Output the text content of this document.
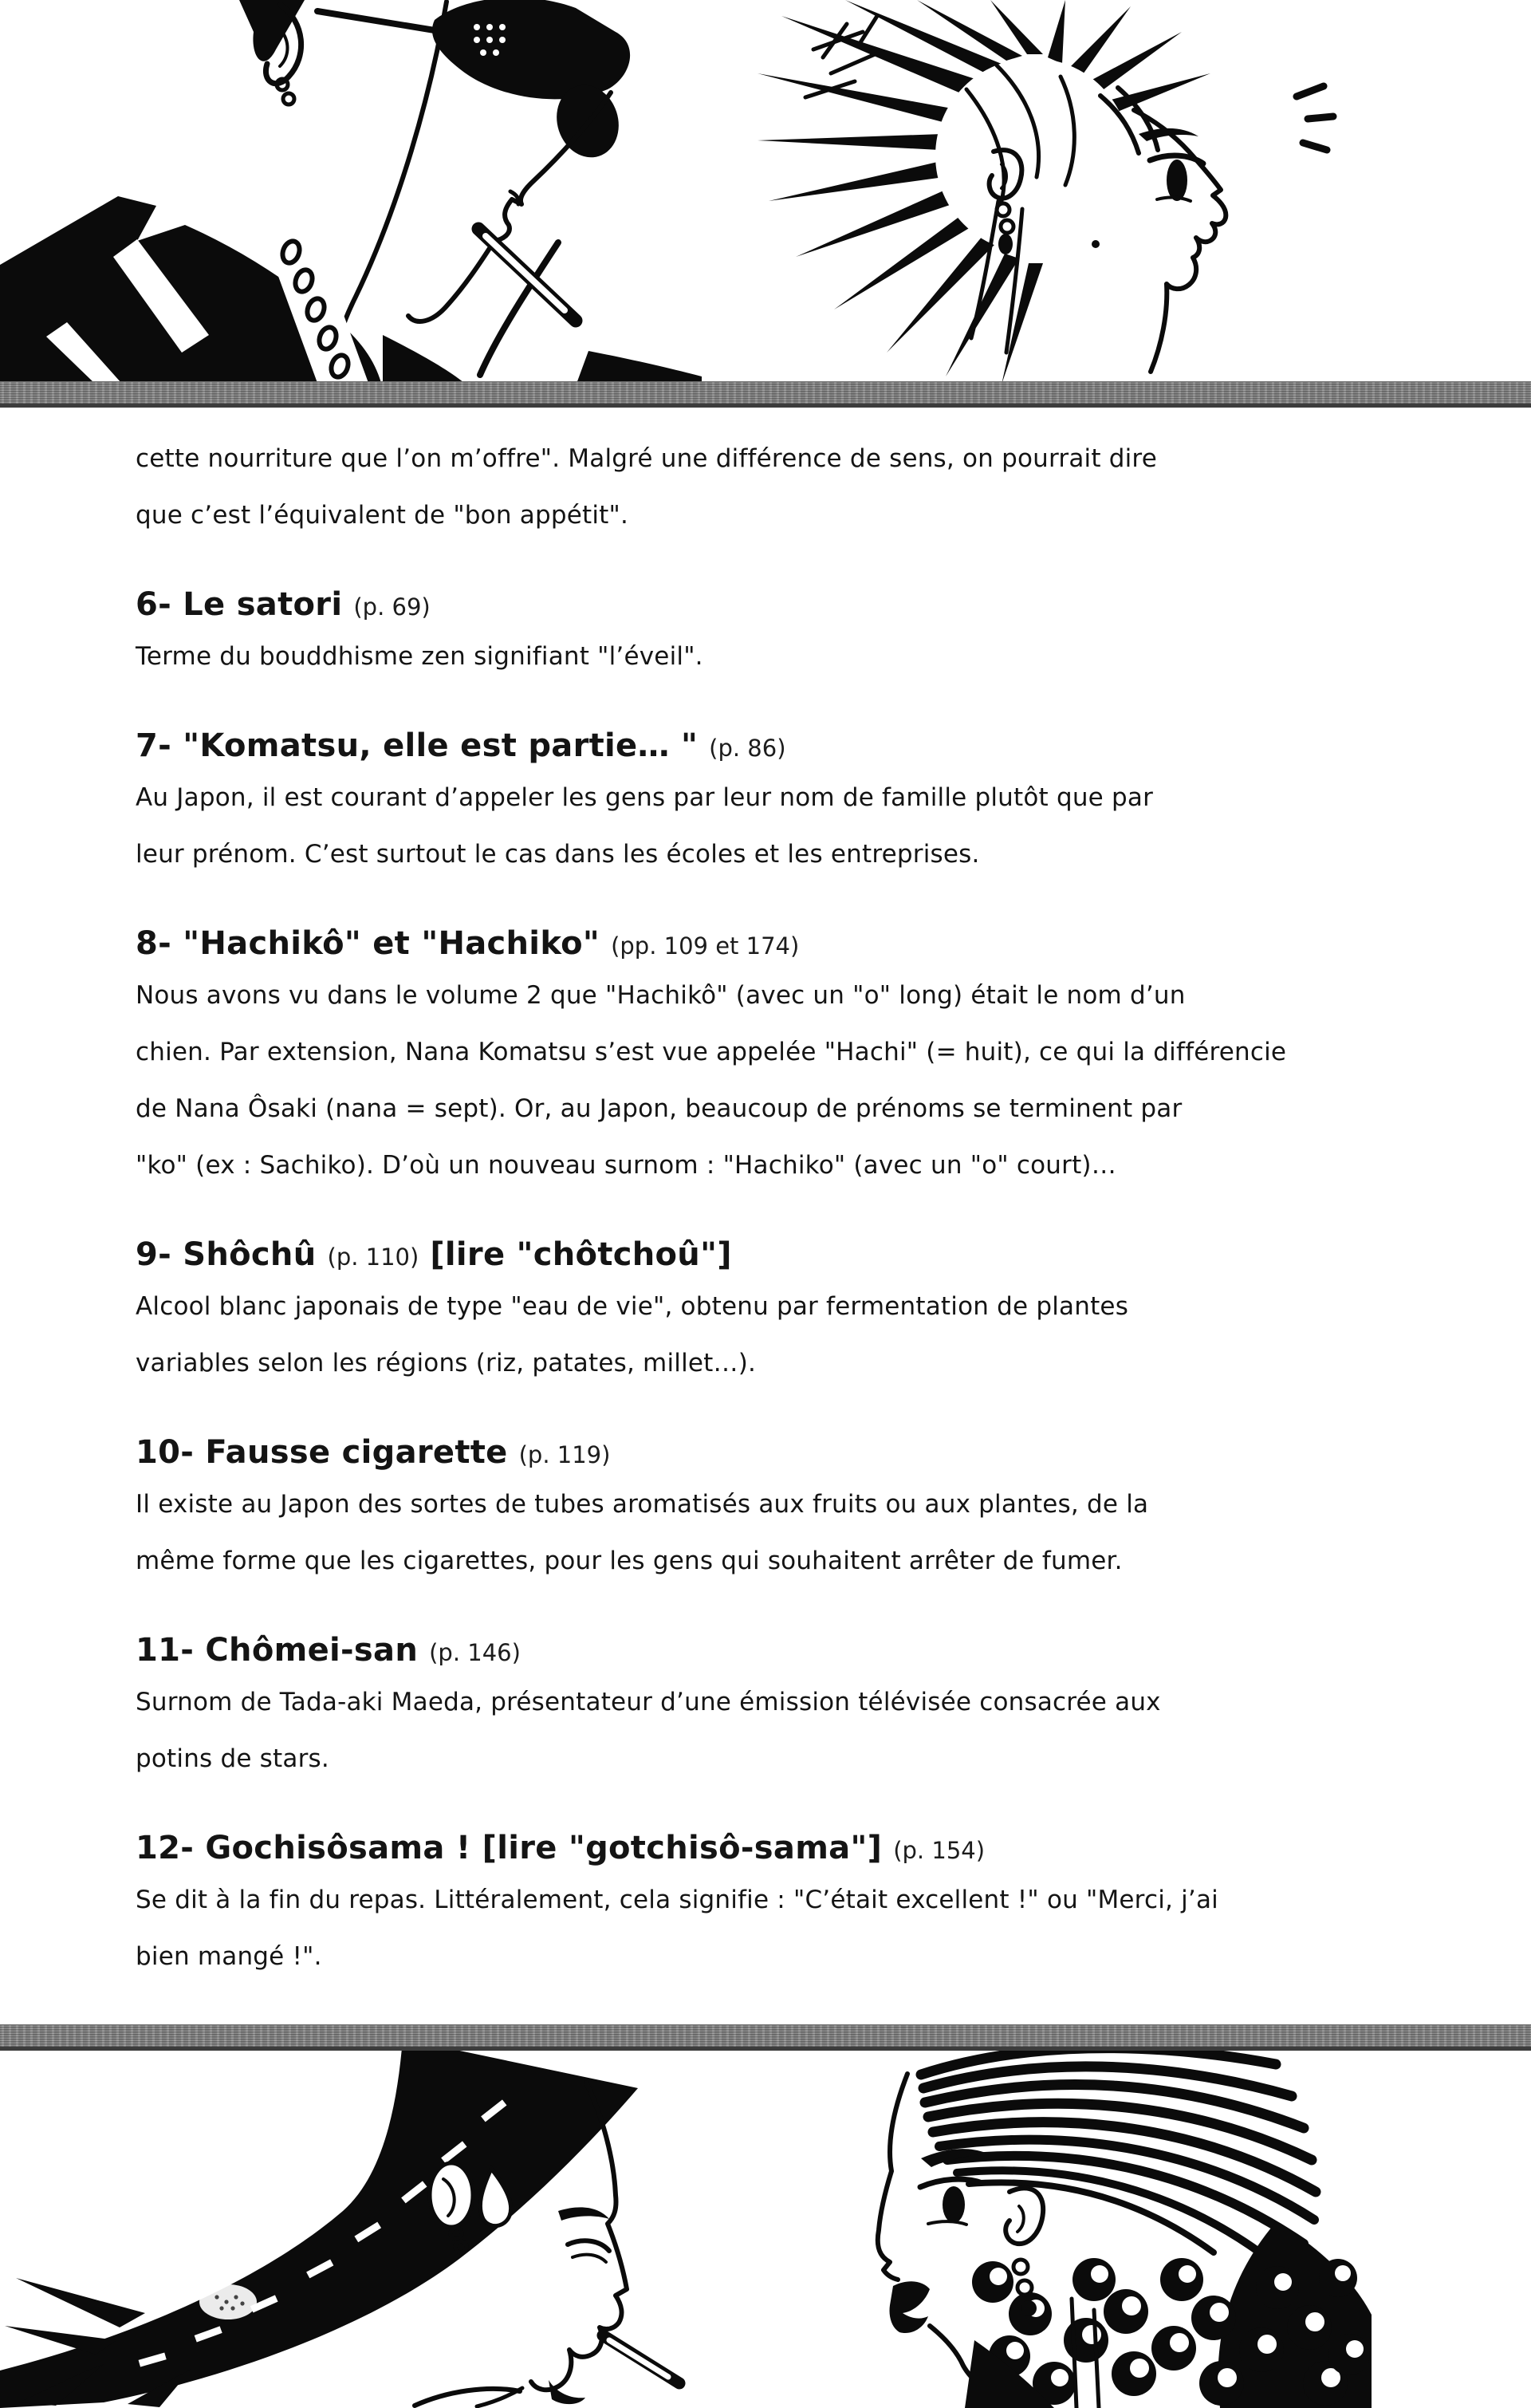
cette nourriture que l’on m’offre". Malgré une différence de sens, on pourrait dire
que c’est l’équivalent de "bon appétit".
6- Le satori (p. 69)
Terme du bouddhisme zen signifiant "l’éveil".
7- "Komatsu, elle est partie… " (p. 86)
Au Japon, il est courant d’appeler les gens par leur nom de famille plutôt que par
leur prénom. C’est surtout le cas dans les écoles et les entreprises.
8- "Hachikô" et "Hachiko" (pp. 109 et 174)
Nous avons vu dans le volume 2 que "Hachikô" (avec un "o" long) était le nom d’un
chien. Par extension, Nana Komatsu s’est vue appelée "Hachi" (= huit), ce qui la différencie
de Nana Ôsaki (nana = sept). Or, au Japon, beaucoup de prénoms se terminent par
"ko" (ex : Sachiko). D’où un nouveau surnom : "Hachiko" (avec un "o" court)…
9- Shôchû (p. 110) [lire "chôtchoû"]
Alcool blanc japonais de type "eau de vie", obtenu par fermentation de plantes
variables selon les régions (riz, patates, millet…).
10- Fausse cigarette (p. 119)
Il existe au Japon des sortes de tubes aromatisés aux fruits ou aux plantes, de la
même forme que les cigarettes, pour les gens qui souhaitent arrêter de fumer.
11- Chômei-san (p. 146)
Surnom de Tada-aki Maeda, présentateur d’une émission télévisée consacrée aux
potins de stars.
12- Gochisôsama ! [lire "gotchisô-sama"] (p. 154)
Se dit à la fin du repas. Littéralement, cela signifie : "C’était excellent !" ou "Merci, j’ai
bien mangé !".
